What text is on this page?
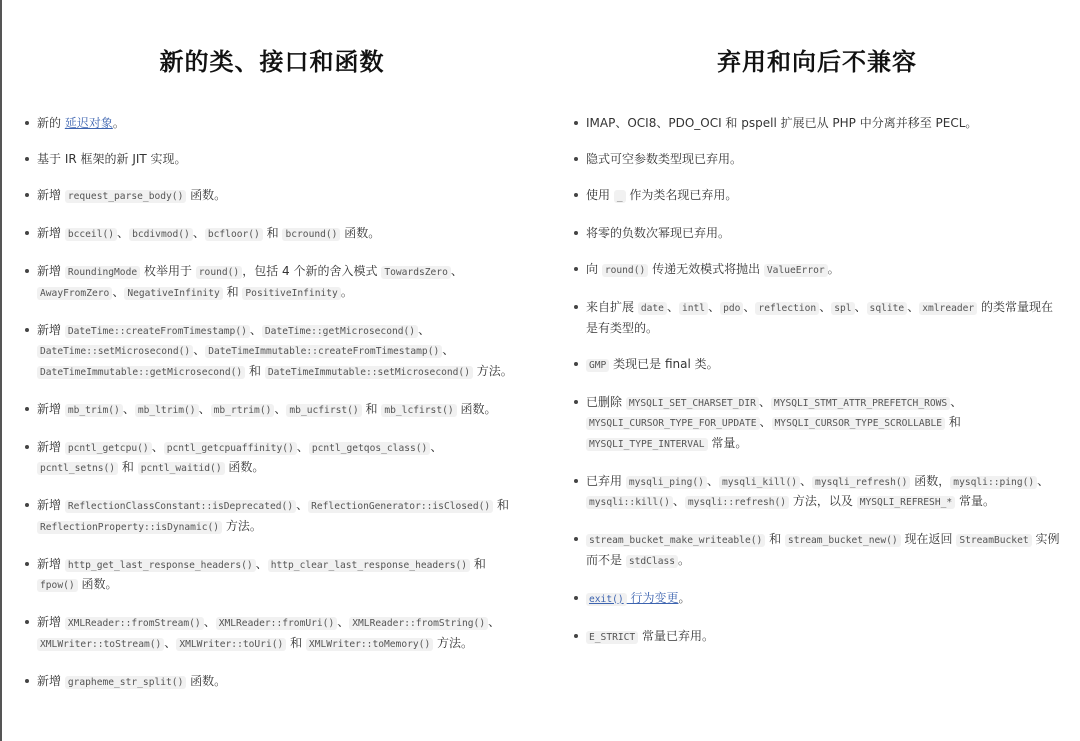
新的类、接口和函数
新的 延迟对象。
基于 IR 框架的新 JIT 实现。
新增 request_parse_body() 函数。
新增 bcceil() 、 bcdivmod() 、 bcfloor() 和 bcround() 函数。
新增 RoundingMode 枚举用于 round() ，包括 4 个新的舍入模式 TowardsZero 、AwayFromZero 、 NegativeInfinity 和 PositiveInfinity 。
新增 DateTime::createFromTimestamp() 、 DateTime::getMicrosecond() 、DateTime::setMicrosecond() 、 DateTimeImmutable::createFromTimestamp() 、DateTimeImmutable::getMicrosecond() 和 DateTimeImmutable::setMicrosecond() 方法。
新增 mb_trim() 、 mb_ltrim() 、 mb_rtrim() 、 mb_ucfirst() 和 mb_lcfirst() 函数。
新增 pcntl_getcpu() 、 pcntl_getcpuaffinity() 、 pcntl_getqos_class() 、pcntl_setns() 和 pcntl_waitid() 函数。
新增 ReflectionClassConstant::isDeprecated() 、 ReflectionGenerator::isClosed() 和 ReflectionProperty::isDynamic() 方法。
新增 http_get_last_response_headers() 、 http_clear_last_response_headers() 和 fpow() 函数。
新增 XMLReader::fromStream() 、 XMLReader::fromUri() 、 XMLReader::fromString() 、XMLWriter::toStream() 、 XMLWriter::toUri() 和 XMLWriter::toMemory() 方法。
新增 grapheme_str_split() 函数。
弃用和向后不兼容
IMAP、OCI8、PDO_OCI 和 pspell 扩展已从 PHP 中分离并移至 PECL。
隐式可空参数类型现已弃用。
使用 _ 作为类名现已弃用。
将零的负数次幂现已弃用。
向 round() 传递无效模式将抛出 ValueError 。
来自扩展 date 、 intl 、 pdo 、 reflection 、 spl 、 sqlite 、 xmlreader 的类常量现在是有类型的。
GMP 类现已是 final 类。
已删除 MYSQLI_SET_CHARSET_DIR 、 MYSQLI_STMT_ATTR_PREFETCH_ROWS 、MYSQLI_CURSOR_TYPE_FOR_UPDATE 、 MYSQLI_CURSOR_TYPE_SCROLLABLE 和 MYSQLI_TYPE_INTERVAL 常量。
已弃用 mysqli_ping() 、 mysqli_kill() 、 mysqli_refresh() 函数， mysqli::ping() 、mysqli::kill() 、 mysqli::refresh() 方法，以及 MYSQLI_REFRESH_* 常量。
stream_bucket_make_writeable() 和 stream_bucket_new() 现在返回 StreamBucket 实例而不是 stdClass 。
exit() 行为变更。
E_STRICT 常量已弃用。
